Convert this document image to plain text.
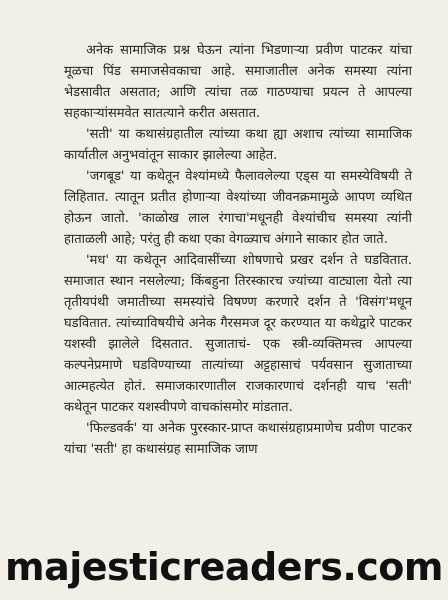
अनेक सामाजिक प्रश्न घेऊन त्यांना भिडणाऱ्या प्रवीण पाटकर यांचा मूळचा पिंड समाजसेवकाचा आहे. समाजातील अनेक समस्या त्यांना भेडसावीत असतात; आणि त्यांचा तळ गाठण्याचा प्रयत्न ते आपल्या सहकाऱ्यांसमवेत सातत्याने करीत असतात.

'सती' या कथासंग्रहातील त्यांच्या कथा ह्या अशाच त्यांच्या सामाजिक कार्यातील अनुभवांतून साकार झालेल्या आहेत.

'जगबूड' या कथेतून वेश्यांमध्ये फैलावलेल्या एड्स या समस्येविषयी ते लिहितात. त्यातून प्रतीत होणाऱ्या वेश्यांच्या जीवनक्रमामुळे आपण व्यथित होऊन जातो. 'काळोख लाल रंगाचा'मधूनही वेश्यांचीच समस्या त्यांनी हाताळली आहे; परंतु ही कथा एका वेगळ्याच अंगाने साकार होत जाते.

'मध' या कथेतून आदिवासींच्या शोषणाचे प्रखर दर्शन ते घडवितात. समाजात स्थान नसलेल्या; किंबहुना तिरस्कारच ज्यांच्या वाट्याला येतो त्या तृतीयपंथी जमातीच्या समस्यांचे विषण्ण करणारे दर्शन ते 'विसंग'मधून घडवितात. त्यांच्याविषयीचे अनेक गैरसमज दूर करण्यात या कथेद्वारे पाटकर यशस्वी झालेले दिसतात. सुजाताचं- एक स्त्री-व्यक्तिमत्त्व आपल्या कल्पनेप्रमाणे घडविण्याच्या तात्यांच्या अट्टहासाचं पर्यवसान सुजाताच्या आत्महत्येत होतं. समाजकारणातील राजकारणाचं दर्शनही याच 'सती' कथेतून पाटकर यशस्वीपणे वाचकांसमोर मांडतात.

'फिल्डवर्क' या अनेक पुरस्कार-प्राप्त कथासंग्रहाप्रमाणेच प्रवीण पाटकर यांचा 'सती' हा कथासंग्रह सामाजिक जाण

majesticreaders.com
